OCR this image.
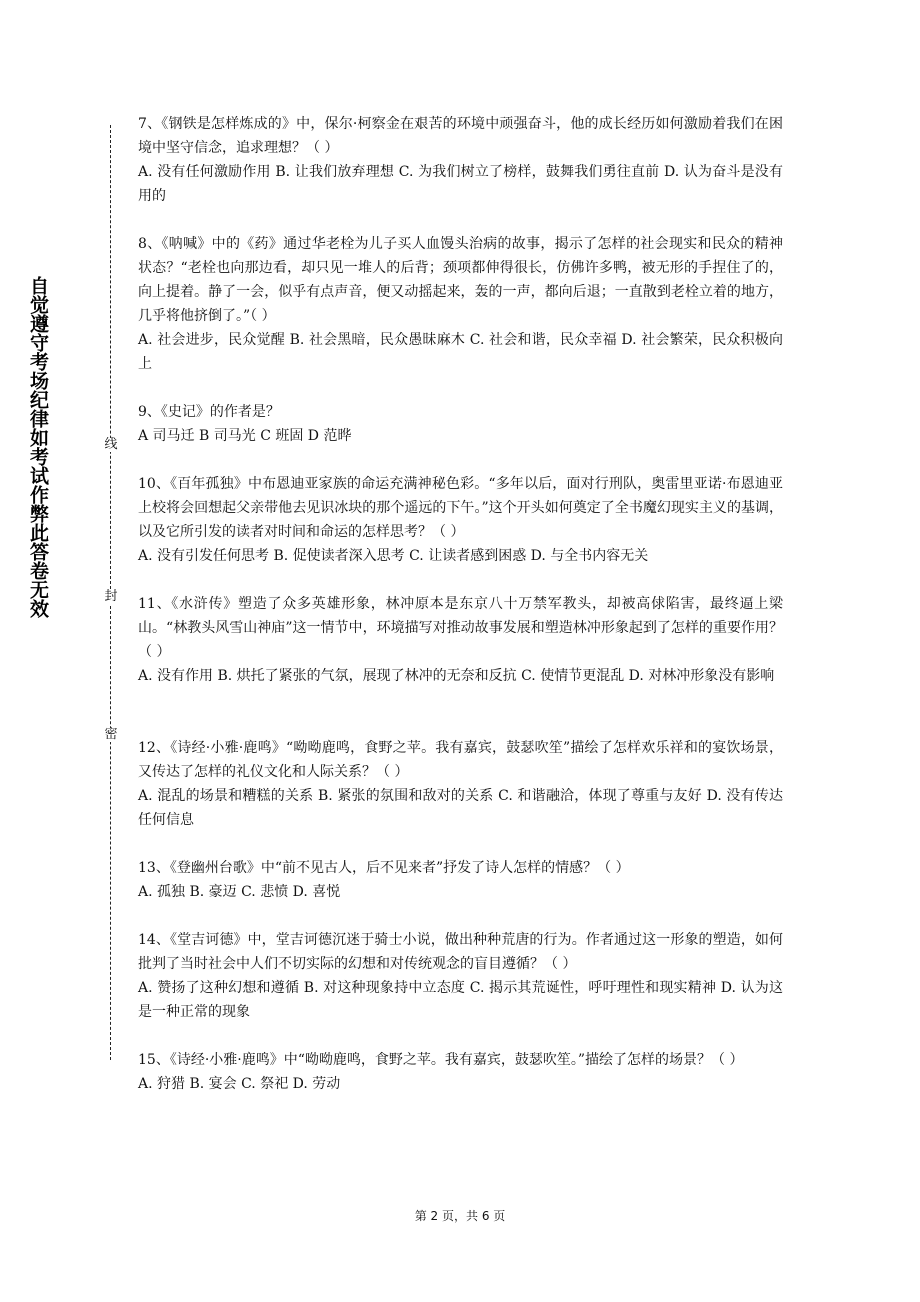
自觉遵守考场纪律如考试作弊此答卷无效	线
封
密

7、《钢铁是怎样炼成的》中，保尔·柯察金在艰苦的环境中顽强奋斗，他的成长经历如何激励着我们在困境中坚守信念，追求理想？（ ）

A. 没有任何激励作用 B. 让我们放弃理想 C. 为我们树立了榜样，鼓舞我们勇往直前 D. 认为奋斗是没有用的

8、《呐喊》中的《药》通过华老栓为儿子买人血馒头治病的故事，揭示了怎样的社会现实和民众的精神状态？“老栓也向那边看，却只见一堆人的后背；颈项都伸得很长，仿佛许多鸭，被无形的手捏住了的，向上提着。静了一会，似乎有点声音，便又动摇起来，轰的一声，都向后退；一直散到老栓立着的地方，几乎将他挤倒了。”（ ）

A. 社会进步，民众觉醒 B. 社会黑暗，民众愚昧麻木 C. 社会和谐，民众幸福 D. 社会繁荣，民众积极向上

9、《史记》的作者是？

A 司马迁 B 司马光 C 班固 D 范晔

10、《百年孤独》中布恩迪亚家族的命运充满神秘色彩。“多年以后，面对行刑队，奥雷里亚诺·布恩迪亚上校将会回想起父亲带他去见识冰块的那个遥远的下午。”这个开头如何奠定了全书魔幻现实主义的基调，以及它所引发的读者对时间和命运的怎样思考？（ ）

A. 没有引发任何思考 B. 促使读者深入思考 C. 让读者感到困惑 D. 与全书内容无关

11、《水浒传》塑造了众多英雄形象，林冲原本是东京八十万禁军教头，却被高俅陷害，最终逼上梁山。“林教头风雪山神庙”这一情节中，环境描写对推动故事发展和塑造林冲形象起到了怎样的重要作用？（ ）

A. 没有作用 B. 烘托了紧张的气氛，展现了林冲的无奈和反抗 C. 使情节更混乱 D. 对林冲形象没有影响

12、《诗经·小雅·鹿鸣》“呦呦鹿鸣，食野之苹。我有嘉宾，鼓瑟吹笙”描绘了怎样欢乐祥和的宴饮场景，又传达了怎样的礼仪文化和人际关系？（ ）

A. 混乱的场景和糟糕的关系 B. 紧张的氛围和敌对的关系 C. 和谐融洽，体现了尊重与友好 D. 没有传达任何信息

13、《登幽州台歌》中“前不见古人，后不见来者”抒发了诗人怎样的情感？（ ）

A. 孤独 B. 豪迈 C. 悲愤 D. 喜悦

14、《堂吉诃德》中，堂吉诃德沉迷于骑士小说，做出种种荒唐的行为。作者通过这一形象的塑造，如何批判了当时社会中人们不切实际的幻想和对传统观念的盲目遵循？（ ）

A. 赞扬了这种幻想和遵循 B. 对这种现象持中立态度 C. 揭示其荒诞性，呼吁理性和现实精神 D. 认为这是一种正常的现象

15、《诗经·小雅·鹿鸣》中“呦呦鹿鸣，食野之苹。我有嘉宾，鼓瑟吹笙。”描绘了怎样的场景？（ ）

A. 狩猎 B. 宴会 C. 祭祀 D. 劳动

第 2 页，共 6 页
